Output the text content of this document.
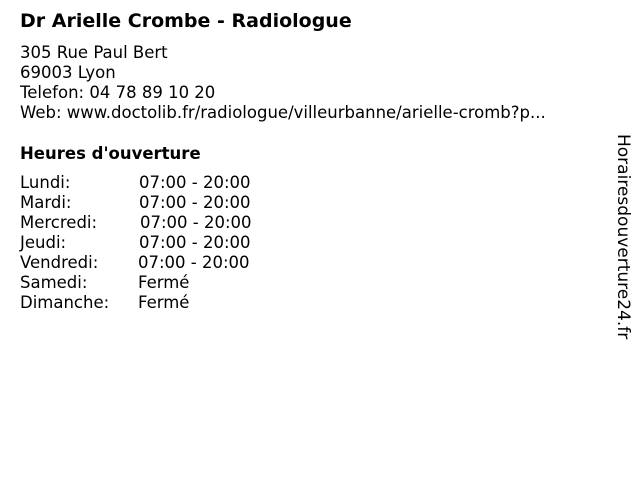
Dr Arielle Crombe - Radiologue
305 Rue Paul Bert
69003 Lyon
Telefon: 04 78 89 10 20
Web: www.doctolib.fr/radiologue/villeurbanne/arielle-cromb?p...
Heures d'ouverture
Lundi:	07:00 - 20:00
Mardi:	07:00 - 20:00
Mercredi:	07:00 - 20:00
Jeudi:	07:00 - 20:00
Vendredi: 07:00 - 20:00
Samedi:	Fermé
Dimanche: Fermé	Horairesdouverture24.fr
